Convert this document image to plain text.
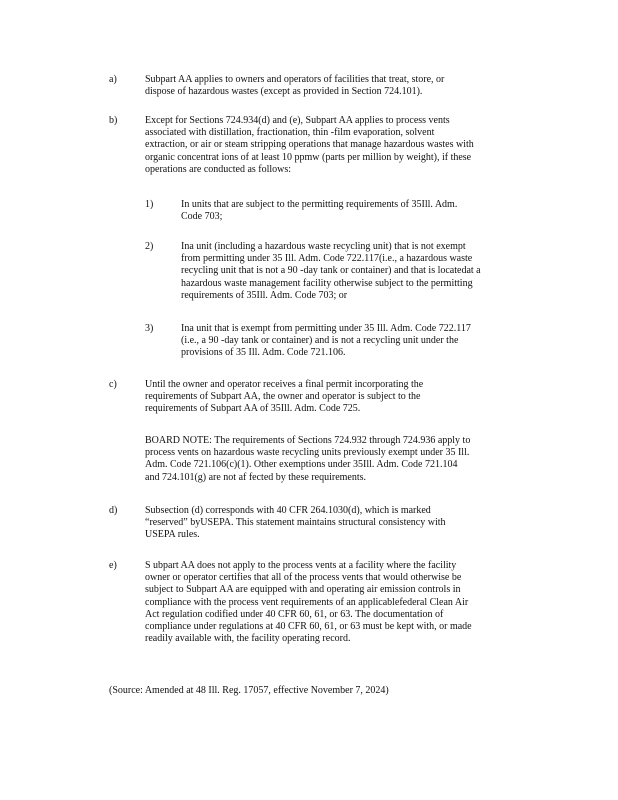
a)	Subpart AA applies to owners and operators of facilities that treat, store, or
dispose of hazardous wastes (except as provided in Section 724.101).
b)	Except for Sections 724.934(d) and (e), Subpart AA applies to process vents
associated with distillation, fractionation, thin -film evaporation, solvent
extraction, or air or steam stripping operations that manage hazardous wastes with
organic concentrat ions of at least 10 ppmw (parts per million by weight), if these
operations are conducted as follows:
1)	In units that are subject to the permitting requirements of 35Ill. Adm.
Code 703;
2)	Ina unit (including a hazardous waste recycling unit) that is not exempt
from permitting under 35 Ill. Adm. Code 722.117(i.e., a hazardous waste
recycling unit that is not a 90 -day tank or container) and that is locatedat a
hazardous waste management facility otherwise subject to the permitting
requirements of 35Ill. Adm. Code 703; or
3)	Ina unit that is exempt from permitting under 35 Ill. Adm. Code 722.117
(i.e., a 90 -day tank or container) and is not a recycling unit under the
provisions of 35 Ill. Adm. Code 721.106.
c)	Until the owner and operator receives a final permit incorporating the
requirements of Subpart AA, the owner and operator is subject to the
requirements of Subpart AA of 35Ill. Adm. Code 725.
BOARD NOTE: The requirements of Sections 724.932 through 724.936 apply to
process vents on hazardous waste recycling units previously exempt under 35 Ill.
Adm. Code 721.106(c)(1). Other exemptions under 35Ill. Adm. Code 721.104
and 724.101(g) are not af fected by these requirements.
d)	Subsection (d) corresponds with 40 CFR 264.1030(d), which is marked
“reserved” byUSEPA. This statement maintains structural consistency with
USEPA rules.
e)	S ubpart AA does not apply to the process vents at a facility where the facility
owner or operator certifies that all of the process vents that would otherwise be
subject to Subpart AA are equipped with and operating air emission controls in
compliance with the process vent requirements of an applicablefederal Clean Air
Act regulation codified under 40 CFR 60, 61, or 63. The documentation of
compliance under regulations at 40 CFR 60, 61, or 63 must be kept with, or made
readily available with, the facility operating record.
(Source: Amended at 48 Ill. Reg. 17057, effective November 7, 2024)
